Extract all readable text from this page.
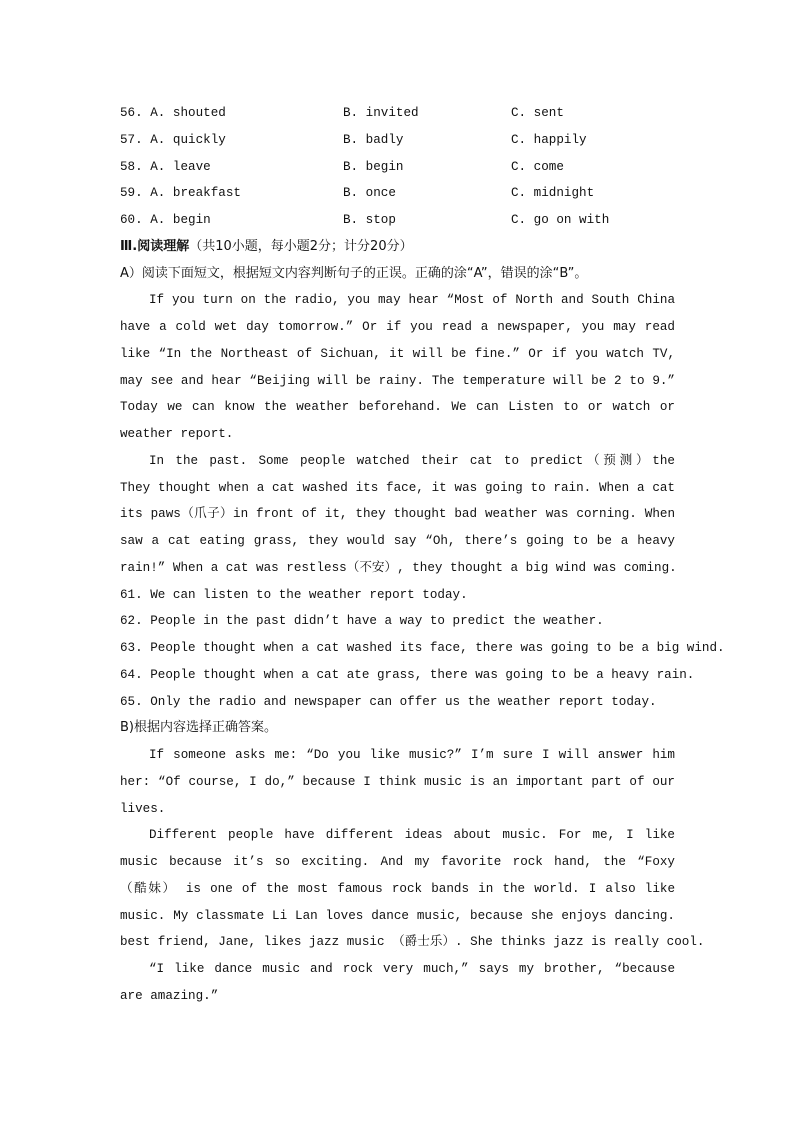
56. A. shouted	B. invited	C. sent
57. A. quickly	B. badly	C. happily
58. A. leave	B. begin	C. come
59. A. breakfast	B. once	C. midnight
60. A. begin	B. stop	C. go on with
Ⅲ.阅读理解（共10小题，每小题2分；计分20分）
A）阅读下面短文，根据短文内容判断句子的正误。正确的涂“A”，错误的涂“B”。
If you turn on the radio, you may hear “Most of North and South China
have a cold wet day tomorrow.” Or if you read a newspaper, you may read
like “In the Northeast of Sichuan, it will be fine.” Or if you watch TV,
may see and hear “Beijing will be rainy. The temperature will be 2 to 9.”
Today we can know the weather beforehand. We can Listen to or watch or
weather report.
In the past. Some people watched their cat to predict（预测）the
They thought when a cat washed its face, it was going to rain. When a cat
its paws（爪子）in front of it, they thought bad weather was corning. When
saw a cat eating grass, they would say “Oh, there’s going to be a heavy
rain!” When a cat was restless（不安）, they thought a big wind was coming.
61. We can listen to the weather report today.
62. People in the past didn’t have a way to predict the weather.
63. People thought when a cat washed its face, there was going to be a big wind.
64. People thought when a cat ate grass, there was going to be a heavy rain.
65. Only the radio and newspaper can offer us the weather report today.
B)根据内容选择正确答案。
If someone asks me: “Do you like music?” I’m sure I will answer him
her: “Of course, I do,” because I think music is an important part of our
lives.
Different people have different ideas about music. For me, I like
music because it’s so exciting. And my favorite rock hand, the “Foxy
（酷妹） is one of the most famous rock bands in the world. I also like
music. My classmate Li Lan loves dance music, because she enjoys dancing.
best friend, Jane, likes jazz music （爵士乐）. She thinks jazz is really cool.
“I like dance music and rock very much,” says my brother, “because
are amazing.”
